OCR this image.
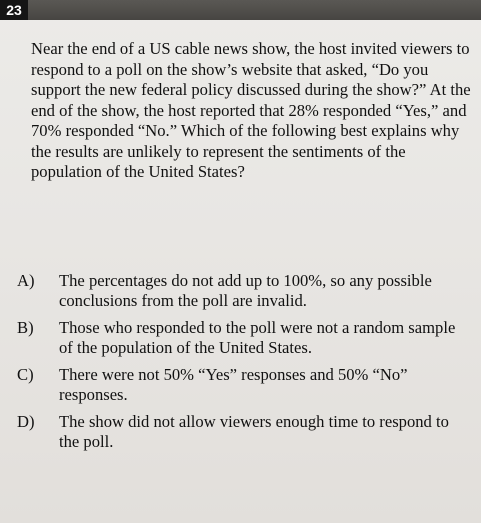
23

Near the end of a US cable news show, the host invited viewers to respond to a poll on the show’s website that asked, “Do you support the new federal policy discussed during the show?” At the end of the show, the host reported that 28% responded “Yes,” and 70% responded “No.” Which of the following best explains why the results are unlikely to represent the sentiments of the population of the United States?

A)	The percentages do not add up to 100%, so any possible conclusions from the poll are invalid.
B)	Those who responded to the poll were not a random sample of the population of the United States.
C)	There were not 50% “Yes” responses and 50% “No” responses.
D)	The show did not allow viewers enough time to respond to the poll.
